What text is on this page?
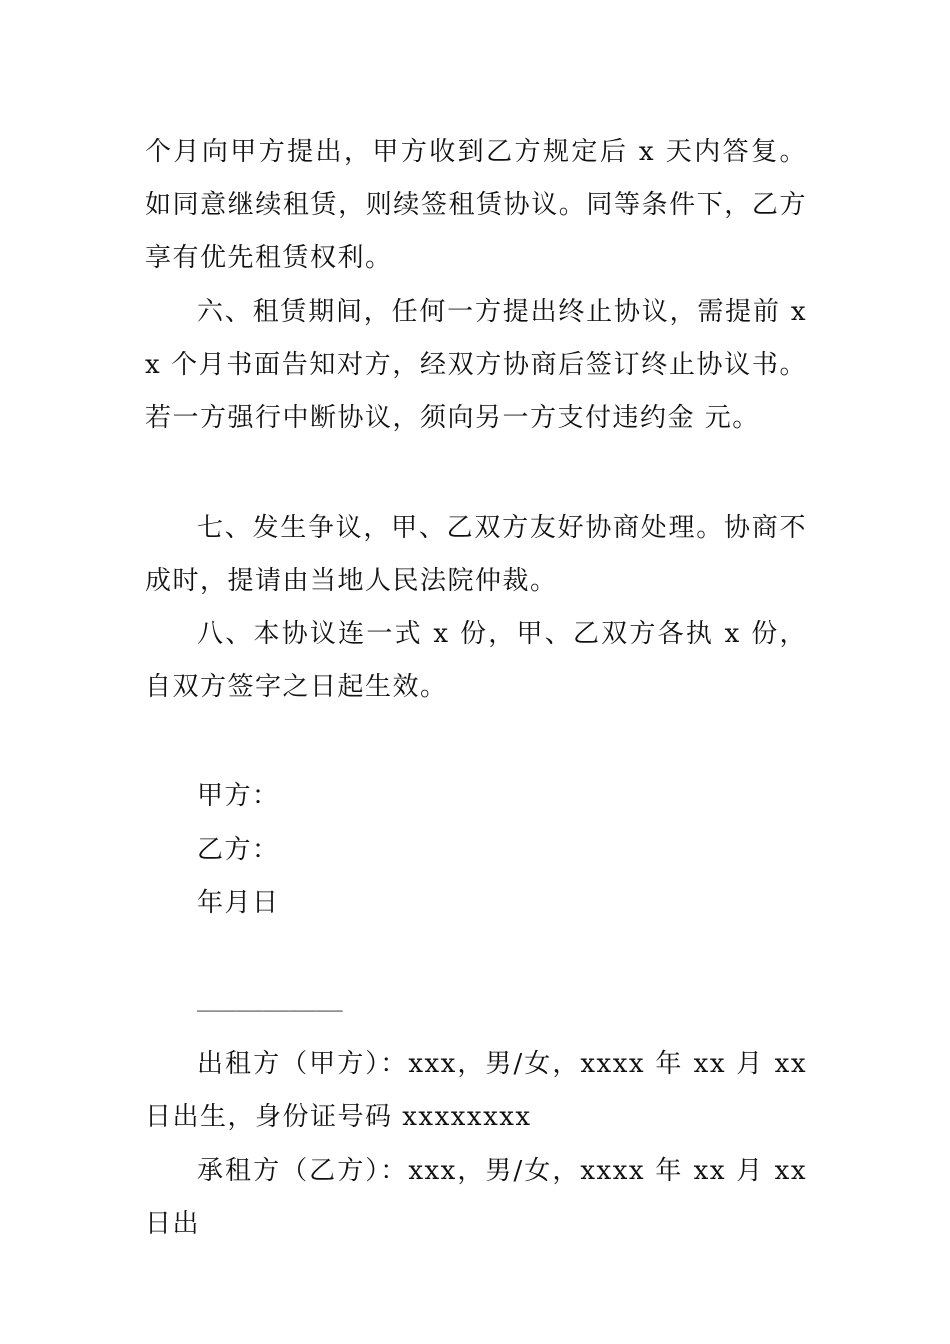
个月向甲方提出，甲方收到乙方规定后 x 天内答复。如同意继续租赁，则续签租赁协议。同等条件下，乙方享有优先租赁权利。

六、租赁期间，任何一方提出终止协议，需提前 xx 个月书面告知对方，经双方协商后签订终止协议书。若一方强行中断协议，须向另一方支付违约金 元。

七、发生争议，甲、乙双方友好协商处理。协商不成时，提请由当地人民法院仲裁。

八、本协议连一式 x 份，甲、乙双方各执 x 份，自双方签字之日起生效。

甲方：

乙方：

年月日

___________

出租方（甲方）：xxx，男/女，xxxx 年 xx 月 xx 日出生，身份证号码 xxxxxxxx

承租方（乙方）：xxx，男/女，xxxx 年 xx 月 xx 日出
